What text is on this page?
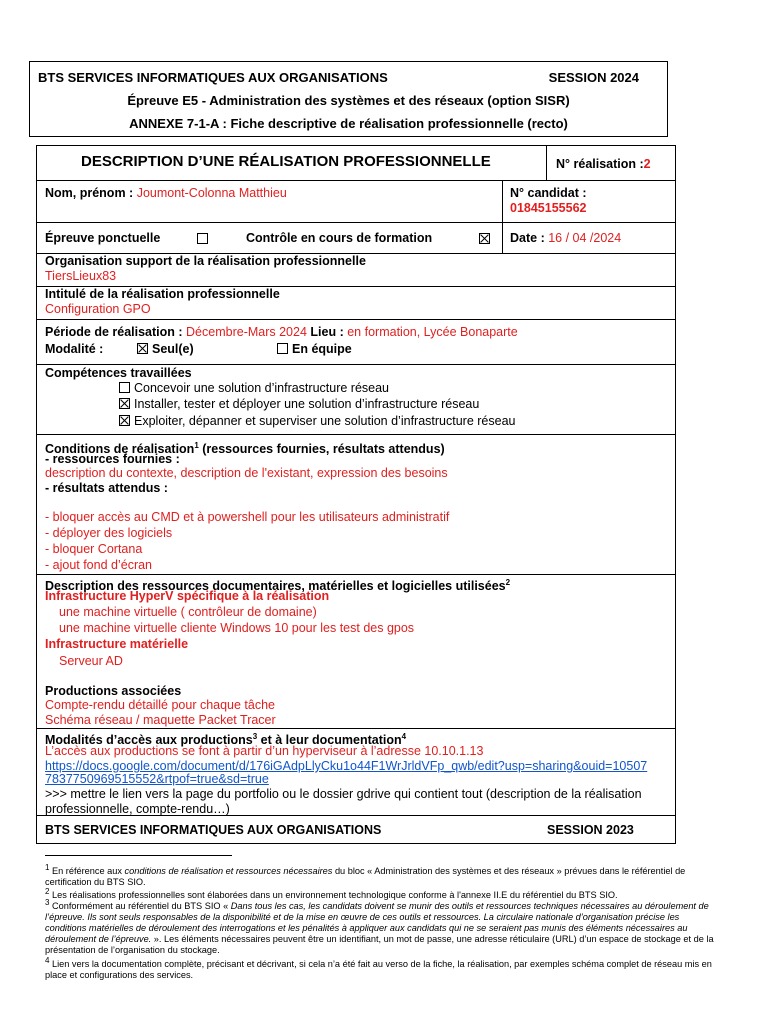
BTS SERVICES INFORMATIQUES AUX ORGANISATIONS	SESSION 2024
Épreuve E5 - Administration des systèmes et des réseaux (option SISR)
ANNEXE 7-1-A : Fiche descriptive de réalisation professionnelle (recto)
DESCRIPTION D’UNE RÉALISATION PROFESSIONNELLE	N° réalisation :2
Nom, prénom : Joumont-Colonna Matthieu	N° candidat :
01845155562
Épreuve ponctuelle	Contrôle en cours de formation	Date : 16 / 04 /2024
Organisation support de la réalisation professionnelle
TiersLieux83
Intitulé de la réalisation professionnelle
Configuration GPO
Période de réalisation : Décembre-Mars 2024 Lieu : en formation, Lycée Bonaparte
Modalité :	Seul(e)	En équipe
Compétences travaillées
Concevoir une solution d’infrastructure réseau
Installer, tester et déployer une solution d’infrastructure réseau
Exploiter, dépanner et superviser une solution d’infrastructure réseau
Conditions de réalisation$^1$ (ressources fournies, résultats attendus)
- ressources fournies :
description du contexte, description de l'existant, expression des besoins
- résultats attendus :
- bloquer accès au CMD et à powershell pour les utilisateurs administratif
- déployer des logiciels
- bloquer Cortana
- ajout fond d’écran
Description des ressources documentaires, matérielles et logicielles utilisées$^2$
Infrastructure HyperV spécifique à la réalisation
une machine virtuelle ( contrôleur de domaine)
une machine virtuelle cliente Windows 10 pour les test des gpos
Infrastructure matérielle
Serveur AD
Productions associées
Compte-rendu détaillé pour chaque tâche
Schéma réseau / maquette Packet Tracer
Modalités d’accès aux productions$^3$ et à leur documentation$^4$
L’accès aux productions se font à partir d’un hyperviseur à l’adresse 10.10.1.13
https://docs.google.com/document/d/176iGAdpLlyCku1o44F1WrJrldVFp_qwb/edit?usp=sharing&ouid=10507
7837750969515552&rtpof=true&sd=true
>>> mettre le lien vers la page du portfolio ou le dossier gdrive qui contient tout (description de la réalisation
professionnelle, compte-rendu…)
BTS SERVICES INFORMATIQUES AUX ORGANISATIONS	SESSION 2023
$^1$ En référence aux conditions de réalisation et ressources nécessaires du bloc « Administration des systèmes et des réseaux » prévues dans le référentiel de certification du BTS SIO.
$^2$ Les réalisations professionnelles sont élaborées dans un environnement technologique conforme à l'annexe II.E du référentiel du BTS SIO.
$^3$ Conformément au référentiel du BTS SIO « Dans tous les cas, les candidats doivent se munir des outils et ressources techniques nécessaires au déroulement de l’épreuve. Ils sont seuls responsables de la disponibilité et de la mise en œuvre de ces outils et ressources. La circulaire nationale d’organisation précise les conditions matérielles de déroulement des interrogations et les pénalités à appliquer aux candidats qui ne se seraient pas munis des éléments nécessaires au déroulement de l’épreuve. ». Les éléments nécessaires peuvent être un identifiant, un mot de passe, une adresse réticulaire (URL) d’un espace de stockage et de la présentation de l’organisation du stockage.
$^4$ Lien vers la documentation complète, précisant et décrivant, si cela n’a été fait au verso de la fiche, la réalisation, par exemples schéma complet de réseau mis en place et configurations des services.
